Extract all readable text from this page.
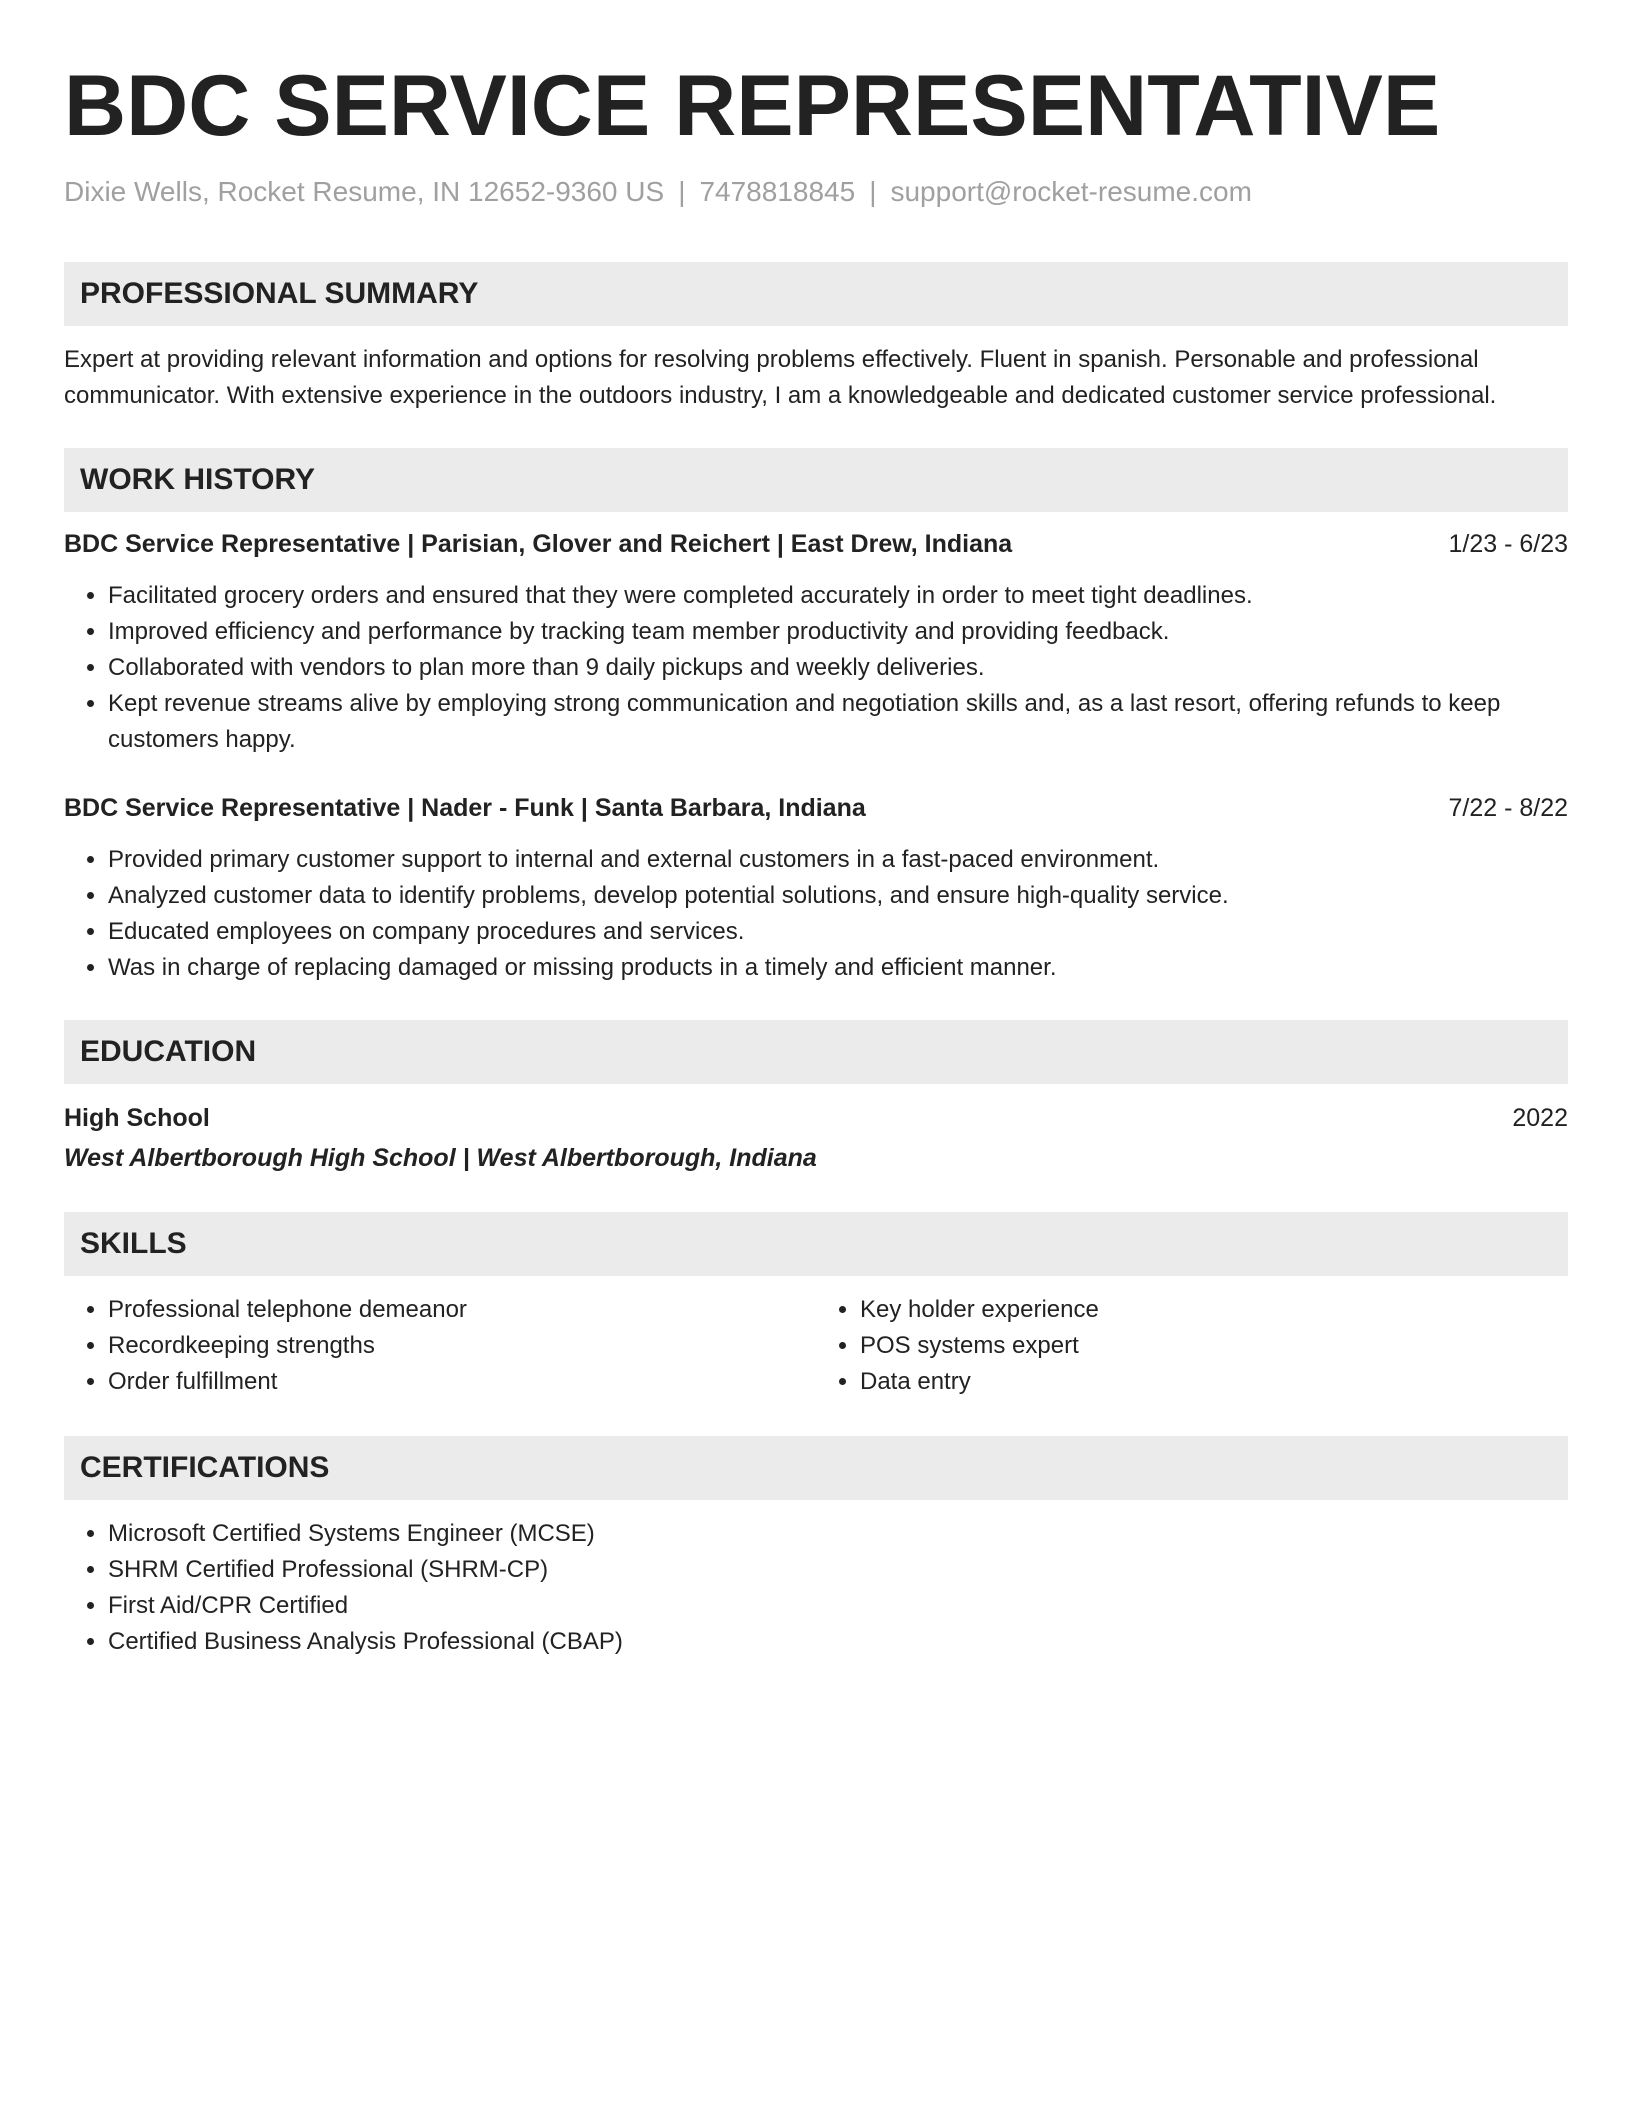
BDC SERVICE REPRESENTATIVE
Dixie Wells, Rocket Resume, IN 12652-9360 US | 7478818845 | support@rocket-resume.com
PROFESSIONAL SUMMARY
Expert at providing relevant information and options for resolving problems effectively. Fluent in spanish. Personable and professional communicator. With extensive experience in the outdoors industry, I am a knowledgeable and dedicated customer service professional.
WORK HISTORY
BDC Service Representative | Parisian, Glover and Reichert | East Drew, Indiana	1/23 - 6/23
• Facilitated grocery orders and ensured that they were completed accurately in order to meet tight deadlines.
• Improved efficiency and performance by tracking team member productivity and providing feedback.
• Collaborated with vendors to plan more than 9 daily pickups and weekly deliveries.
• Kept revenue streams alive by employing strong communication and negotiation skills and, as a last resort, offering refunds to keep customers happy.
BDC Service Representative | Nader - Funk | Santa Barbara, Indiana	7/22 - 8/22
• Provided primary customer support to internal and external customers in a fast-paced environment.
• Analyzed customer data to identify problems, develop potential solutions, and ensure high-quality service.
• Educated employees on company procedures and services.
• Was in charge of replacing damaged or missing products in a timely and efficient manner.
EDUCATION
High School	2022
West Albertborough High School | West Albertborough, Indiana
SKILLS
• Professional telephone demeanor
• Recordkeeping strengths
• Order fulfillment
• Key holder experience
• POS systems expert
• Data entry
CERTIFICATIONS
• Microsoft Certified Systems Engineer (MCSE)
• SHRM Certified Professional (SHRM-CP)
• First Aid/CPR Certified
• Certified Business Analysis Professional (CBAP)
